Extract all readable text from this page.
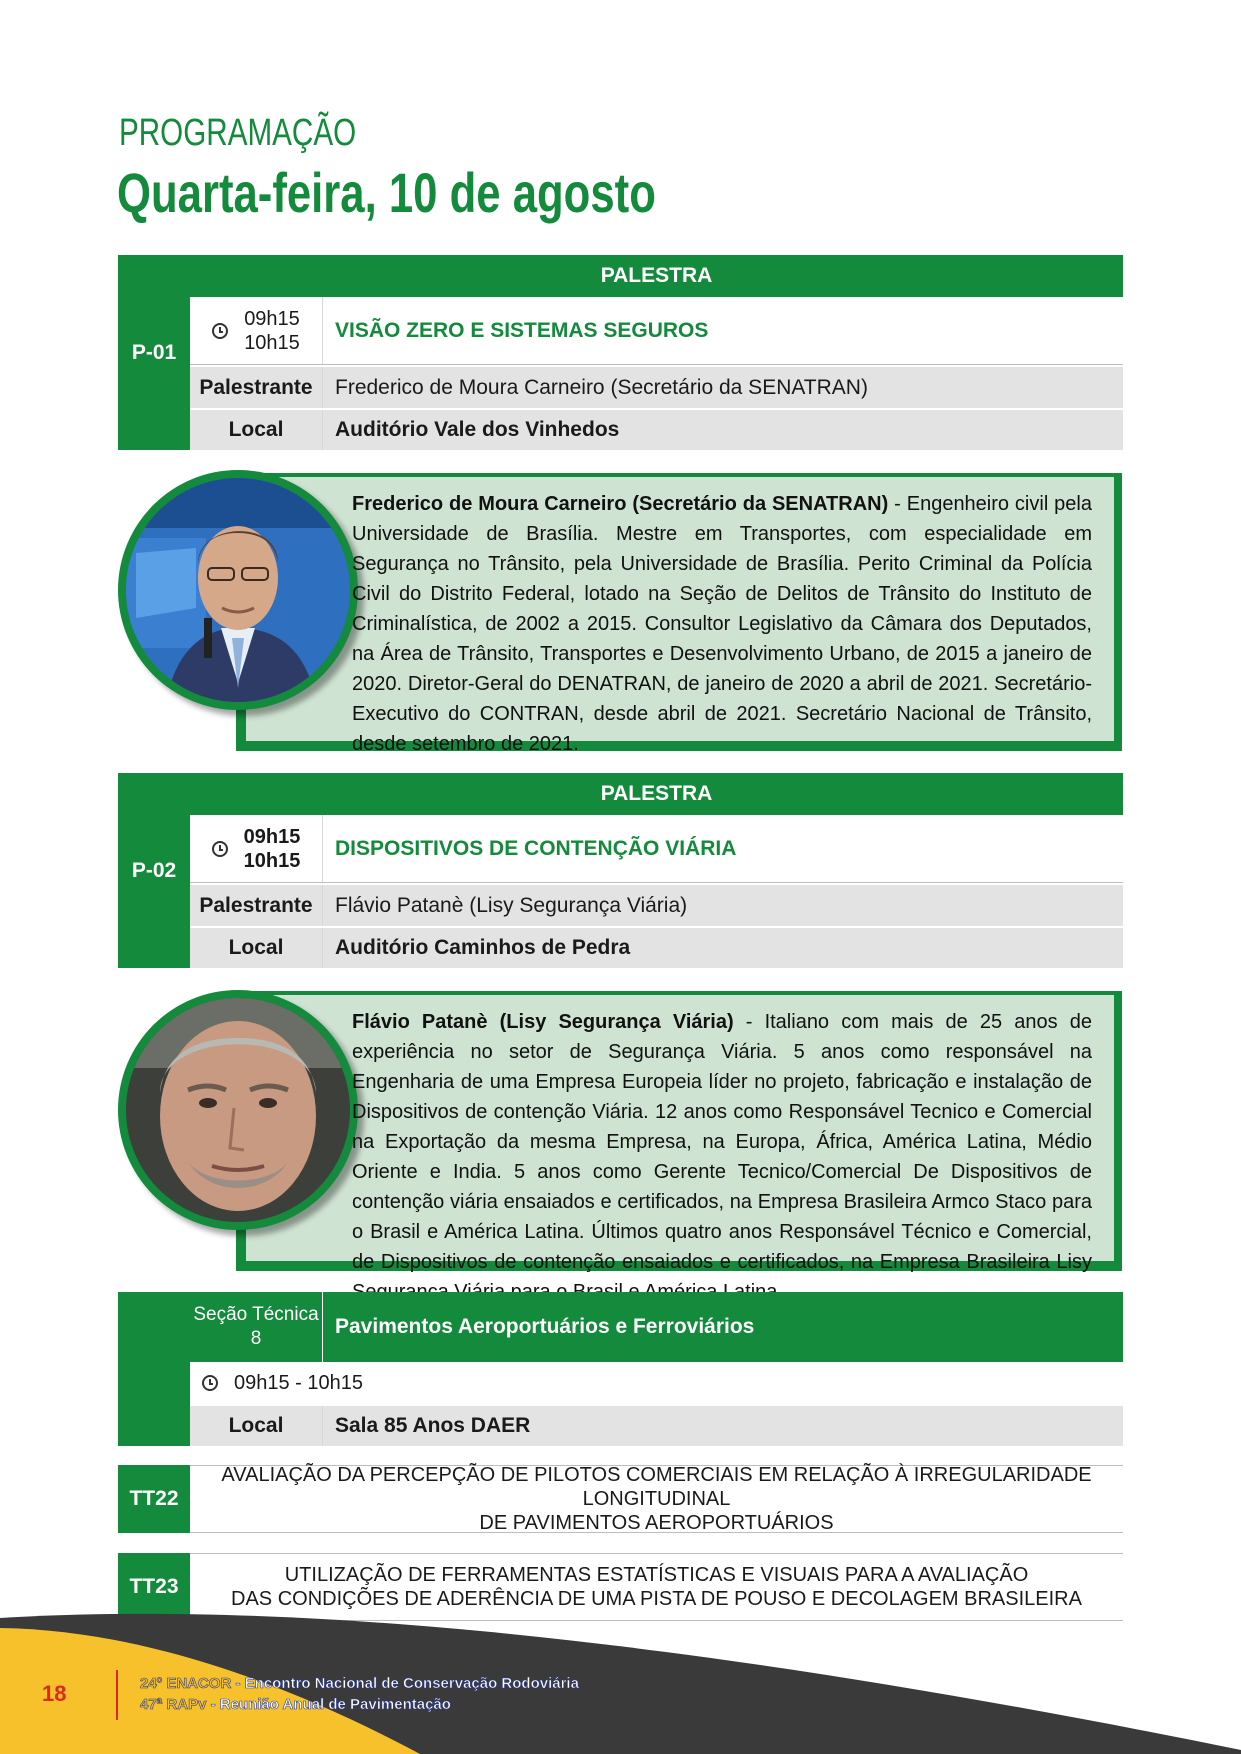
PROGRAMAÇÃO
Quarta-feira, 10 de agosto
PALESTRA
P-01
09h15
10h15
VISÃO ZERO E SISTEMAS SEGUROS
Palestrante	Frederico de Moura Carneiro (Secretário da SENATRAN)
Local	Auditório Vale dos Vinhedos
Frederico de Moura Carneiro (Secretário da SENATRAN) - Engenheiro civil pela Universidade de Brasília. Mestre em Transportes, com especialidade em Segurança no Trânsito, pela Universidade de Brasília. Perito Criminal da Polícia Civil do Distrito Federal, lotado na Seção de Delitos de Trânsito do Instituto de Criminalística, de 2002 a 2015. Consultor Legislativo da Câmara dos Deputados, na Área de Trânsito, Transportes e Desenvolvimento Urbano, de 2015 a janeiro de 2020. Diretor-Geral do DENATRAN, de janeiro de 2020 a abril de 2021. Secretário-Executivo do CONTRAN, desde abril de 2021. Secretário Nacional de Trânsito, desde setembro de 2021.
PALESTRA
P-02
09h15
10h15
DISPOSITIVOS DE CONTENÇÃO VIÁRIA
Palestrante	Flávio Patanè (Lisy Segurança Viária)
Local	Auditório Caminhos de Pedra
Flávio Patanè (Lisy Segurança Viária) - Italiano com mais de 25 anos de experiência no setor de Segurança Viária. 5 anos como responsável na Engenharia de uma Empresa Europeia líder no projeto, fabricação e instalação de Dispositivos de contenção Viária. 12 anos como Responsável Tecnico e Comercial na Exportação da mesma Empresa, na Europa, África, América Latina, Médio Oriente e India. 5 anos como Gerente Tecnico/Comercial De Dispositivos de contenção viária ensaiados e certificados, na Empresa Brasileira Armco Staco para o Brasil e América Latina. Últimos quatro anos Responsável Técnico e Comercial, de Dispositivos de contenção ensaiados e certificados, na Empresa Brasileira Lisy
Seção Técnica
8
Pavimentos Aeroportuários e Ferroviários
09h15 - 10h15
Local	Sala 85 Anos DAER
TT22
AVALIAÇÃO DA PERCEPÇÃO DE PILOTOS COMERCIAIS EM RELAÇÃO À IRREGULARIDADE LONGITUDINAL
DE PAVIMENTOS AEROPORTUÁRIOS
TT23	UTILIZAÇÃO DE FERRAMENTAS ESTATÍSTICAS E VISUAIS PARA A AVALIAÇÃO
DAS CONDIÇÕES DE ADERÊNCIA DE UMA PISTA DE POUSO E DECOLAGEM BRASILEIRA
18	24º ENACOR - Encontro Nacional de Conservação Rodoviária
47ª RAPv - Reunião Anual de Pavimentação
